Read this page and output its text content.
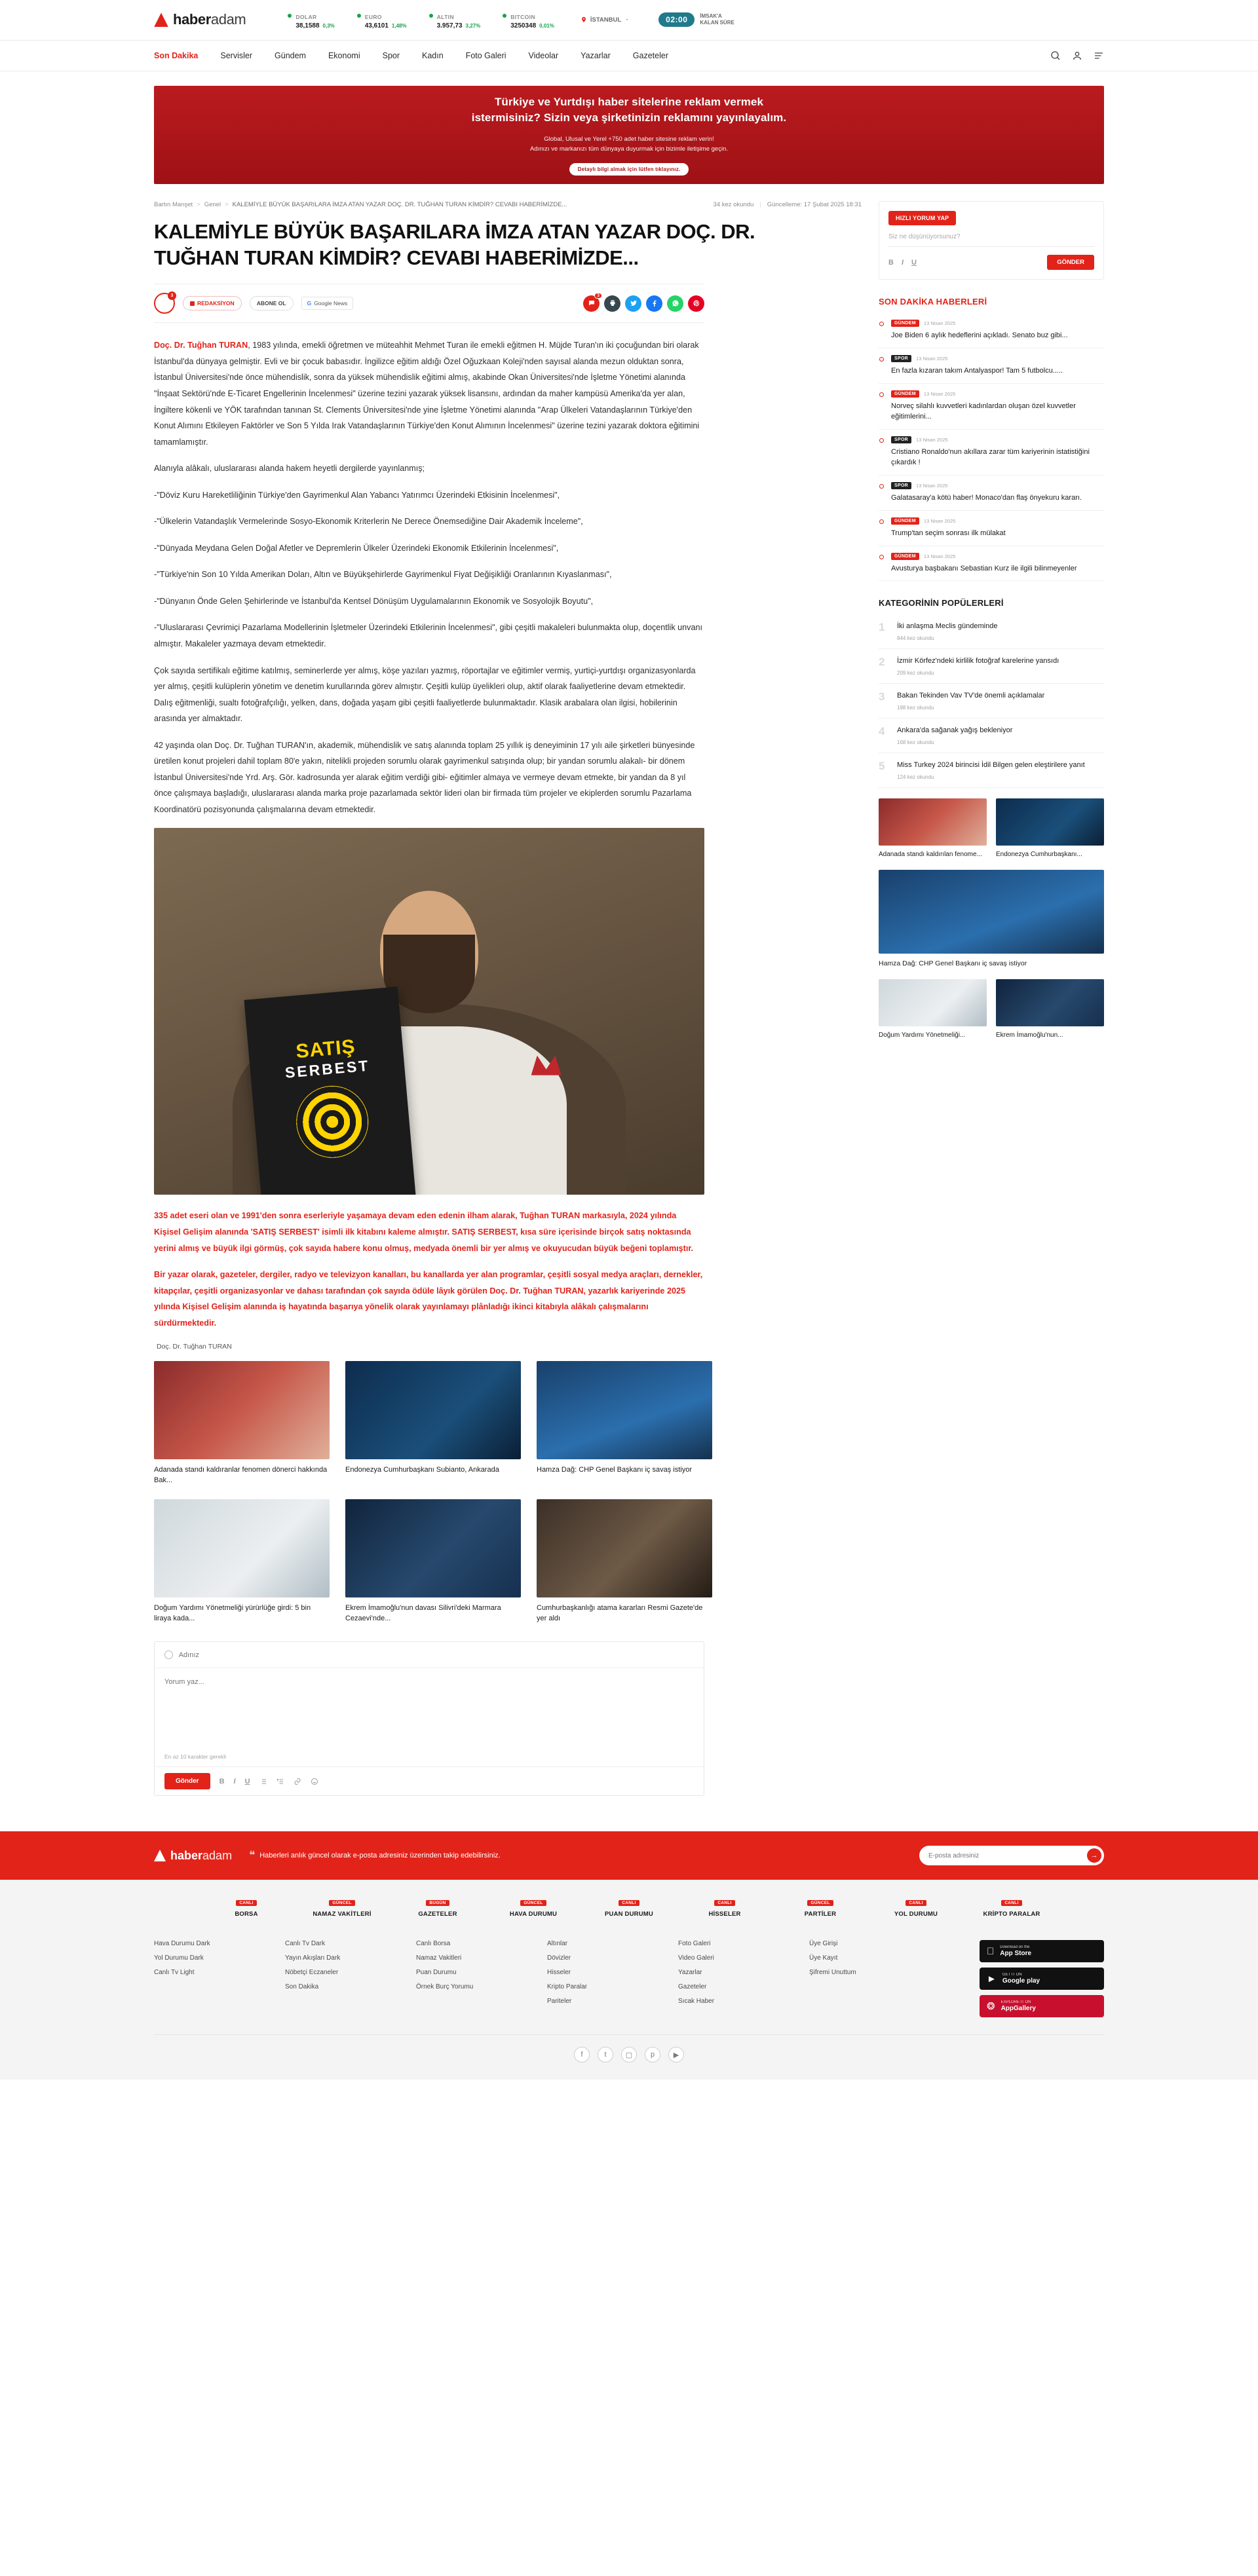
haberadam	DOLAR
38,1588 0,3%
EURO
43,6101 1,48%
ALTIN
3.957,73 3,27%
BITCOIN
3250348 0,01%
İSTANBUL	02:00	İMSAK'A
KALAN SÜRE
Son Dakika	Servisler	Gündem	Ekonomi	Spor	Kadın	Foto Galeri	Videolar	Yazarlar	Gazeteler
Türkiye ve Yurtdışı haber sitelerine reklam vermek
istermisiniz? Sizin veya şirketinizin reklamını yayınlayalım.
Global, Ulusal ve Yerel +750 adet haber sitesine reklam verin!
Adınızı ve markanızı tüm dünyaya duyurmak için bizimle iletişime geçin.
Detaylı bilgi almak için lütfen tıklayınız.
Bartın Manşet > Genel > KALEMİYLE BÜYÜK BAŞARILARA İMZA ATAN YAZAR DOÇ. DR. TUĞHAN TURAN KİMDİR? CEVABI HABERİMİZDE...	34 kez okundu | Güncelleme: 17 Şubat 2025 18:31
KALEMİYLE BÜYÜK BAŞARILARA İMZA ATAN YAZAR DOÇ. DR. TUĞHAN TURAN KİMDİR? CEVABI HABERİMİZDE...
3
REDAKSİYON	ABONE OL	G Google News
3

Doç. Dr. Tuğhan TURAN, 1983 yılında, emekli öğretmen ve müteahhit Mehmet Turan ile emekli eğitmen H. Müjde Turan'ın iki çocuğundan biri olarak İstanbul'da dünyaya gelmiştir. Evli ve bir çocuk babasıdır. İngilizce eğitim aldığı Özel Oğuzkaan Koleji'nden sayısal alanda mezun olduktan sonra, İstanbul Üniversitesi'nde önce mühendislik, sonra da yüksek mühendislik eğitimi almış, akabinde Okan Üniversitesi'nde İşletme Yönetimi alanında "İnşaat Sektörü'nde E-Ticaret Engellerinin İncelenmesi" üzerine tezini yazarak yüksek lisansını, ardından da maher kampüsü Amerika'da yer alan, İngiltere kökenli ve YÖK tarafından tanınan St. Clements Üniversitesi'nde yine İşletme Yönetimi alanında "Arap Ülkeleri Vatandaşlarının Türkiye'den Konut Alımını Etkileyen Faktörler ve Son 5 Yılda Irak Vatandaşlarının Türkiye'den Konut Alımının İncelenmesi" üzerine tezini yazarak doktora eğitimini tamamlamıştır.

Alanıyla alâkalı, uluslararası alanda hakem heyetli dergilerde yayınlanmış;

-"Döviz Kuru Hareketliliğinin Türkiye'den Gayrimenkul Alan Yabancı Yatırımcı Üzerindeki Etkisinin İncelenmesi",

-"Ülkelerin Vatandaşlık Vermelerinde Sosyo-Ekonomik Kriterlerin Ne Derece Önemsediğine Dair Akademik İnceleme",

-"Dünyada Meydana Gelen Doğal Afetler ve Depremlerin Ülkeler Üzerindeki Ekonomik Etkilerinin İncelenmesi",

-"Türkiye'nin Son 10 Yılda Amerikan Doları, Altın ve Büyükşehirlerde Gayrimenkul Fiyat Değişikliği Oranlarının Kıyaslanması",

-"Dünyanın Önde Gelen Şehirlerinde ve İstanbul'da Kentsel Dönüşüm Uygulamalarının Ekonomik ve Sosyolojik Boyutu",

-"Uluslararası Çevrimiçi Pazarlama Modellerinin İşletmeler Üzerindeki Etkilerinin İncelenmesi", gibi çeşitli makaleleri bulunmakta olup, doçentlik unvanı almıştır. Makaleler yazmaya devam etmektedir.

Çok sayıda sertifikalı eğitime katılmış, seminerlerde yer almış, köşe yazıları yazmış, röportajlar ve eğitimler vermiş, yurtiçi-yurtdışı organizasyonlarda yer almış, çeşitli kulüplerin yönetim ve denetim kurullarında görev almıştır. Çeşitli kulüp üyelikleri olup, aktif olarak faaliyetlerine devam etmektedir. Dalış eğitmenliği, sualtı fotoğrafçılığı, yelken, dans, doğada yaşam gibi çeşitli faaliyetlerde bulunmaktadır. Klasik arabalara olan ilgisi, hobilerinin arasında yer almaktadır.

42 yaşında olan Doç. Dr. Tuğhan TURAN'ın, akademik, mühendislik ve satış alanında toplam 25 yıllık iş deneyiminin 17 yılı aile şirketleri bünyesinde üretilen konut projeleri dahil toplam 80'e yakın, nitelikli projeden sorumlu olarak gayrimenkul satışında olup; bir yandan sorumlu alakalı- bir dönem İstanbul Üniversitesi'nde Yrd. Arş. Gör. kadrosunda yer alarak eğitim verdiği gibi- eğitimler almaya ve vermeye devam etmekte, bir yandan da 8 yıl önce çalışmaya başladığı, uluslararası alanda marka proje pazarlamada sektör lideri olan bir firmada tüm projeler ve ekiplerden sorumlu Pazarlama Koordinatörü pozisyonunda çalışmalarına devam etmektedir.

SATIŞ
SERBEST

335 adet eseri olan ve 1991'den sonra eserleriyle yaşamaya devam eden edenin ilham alarak, Tuğhan TURAN markasıyla, 2024 yılında Kişisel Gelişim alanında 'SATIŞ SERBEST' isimli ilk kitabını kaleme almıştır. SATIŞ SERBEST, kısa süre içerisinde birçok satış noktasında yerini almış ve büyük ilgi görmüş, çok sayıda habere konu olmuş, medyada önemli bir yer almış ve okuyucudan büyük beğeni toplamıştır.

Bir yazar olarak, gazeteler, dergiler, radyo ve televizyon kanalları, bu kanallarda yer alan programlar, çeşitli sosyal medya araçları, dernekler, kitapçılar, çeşitli organizasyonlar ve dahası tarafından çok sayıda ödüle lâyık görülen Doç. Dr. Tuğhan TURAN, yazarlık kariyerinde 2025 yılında Kişisel Gelişim alanında iş hayatında başarıya yönelik olarak yayınlamayı plânladığı ikinci kitabıyla alâkalı çalışmalarını sürdürmektedir.

Doç. Dr. Tuğhan TURAN
Adanada standı kaldıranlar fenomen dönerci hakkında Bak...
Endonezya Cumhurbaşkanı Subianto, Ankarada	Hamza Dağ: CHP Genel Başkanı iç savaş istiyor
Doğum Yardımı Yönetmeliği yürürlüğe girdi: 5 bin liraya kada...
Ekrem İmamoğlu'nun davası Silivri'deki Marmara Cezaevi'nde...
Cumhurbaşkanlığı atama kararları Resmi Gazete'de yer aldı
Adınız
Yorum yaz...
En az 10 karakter gerekli
Gönder	B I U
HIZLI YORUM YAP
Siz ne düşünüyorsunuz?
B I U	GÖNDER
SON DAKİKA HABERLERİ
GÜNDEM	13 Nisan 2025
Joe Biden 6 aylık hedeflerini açıkladı. Senato buz gibi...
SPOR	13 Nisan 2025
En fazla kızaran takım Antalyaspor! Tam 5 futbolcu.....
GÜNDEM	13 Nisan 2025
Norveç silahlı kuvvetleri kadınlardan oluşan özel kuvvetler eğitimlerini...
SPOR	13 Nisan 2025
Cristiano Ronaldo'nun akıllara zarar tüm kariyerinin istatistiğini çıkardık !
SPOR	13 Nisan 2025
Galatasaray'a kötü haber! Monaco'dan flaş önyekuru kararı.
GÜNDEM	13 Nisan 2025
Trump'tan seçim sonrası ilk mülakat
GÜNDEM	13 Nisan 2025
Avusturya başbakanı Sebastian Kurz ile ilgili bilinmeyenler
KATEGORİNİN POPÜLERLERİ
1	İki anlaşma Meclis gündeminde
844 kez okundu
2	İzmir Körfez'ndeki kirlilik fotoğraf karelerine yansıdı
209 kez okundu
3	Bakan Tekinden Vav TV'de önemli açıklamalar
188 kez okundu
4	Ankara'da sağanak yağış bekleniyor
168 kez okundu
5	Miss Turkey 2024 birincisi İdil Bilgen gelen eleştirilere yanıt
124 kez okundu
Adanada standı kaldırılan fenome...	Endonezya Cumhurbaşkanı...
Hamza Dağ: CHP Genel Başkanı iç savaş istiyor
Doğum Yardımı Yönetmeliği...	Ekrem İmamoğlu'nun...
haberadam ❝ Haberleri anlık güncel olarak e-posta adresiniz üzerinden takip edebilirsiniz.
E-posta adresiniz	→
CANLI
BORSA
GÜNCEL
NAMAZ VAKİTLERİ
BUGÜN
GAZETELER
GÜNCEL
HAVA DURUMU
CANLI
PUAN DURUMU
CANLI
HİSSELER
GÜNCEL
PARTİLER
CANLI
YOL DURUMU
CANLI
KRİPTO PARALAR
Hava Durumu Dark
Yol Durumu Dark
Canlı Tv Light
Canlı Tv Dark
Yayın Akışları Dark
Nöbetçi Eczaneler
Son Dakika
Canlı Borsa
Namaz Vakitleri
Puan Durumu
Örnek Burç Yorumu
Altınlar
Dövizler
Hisseler
Kripto Paralar
Pariteler
Foto Galeri
Video Galeri
Yazarlar
Gazeteler
Sıcak Haber
Üye Girişi
Üye Kayıt
Şifremi Unuttum
Download on the
App Store
► GET IT ON
Google play
❂ EXPLORE IT ON
AppGallery
f	t	▢	p	▶
